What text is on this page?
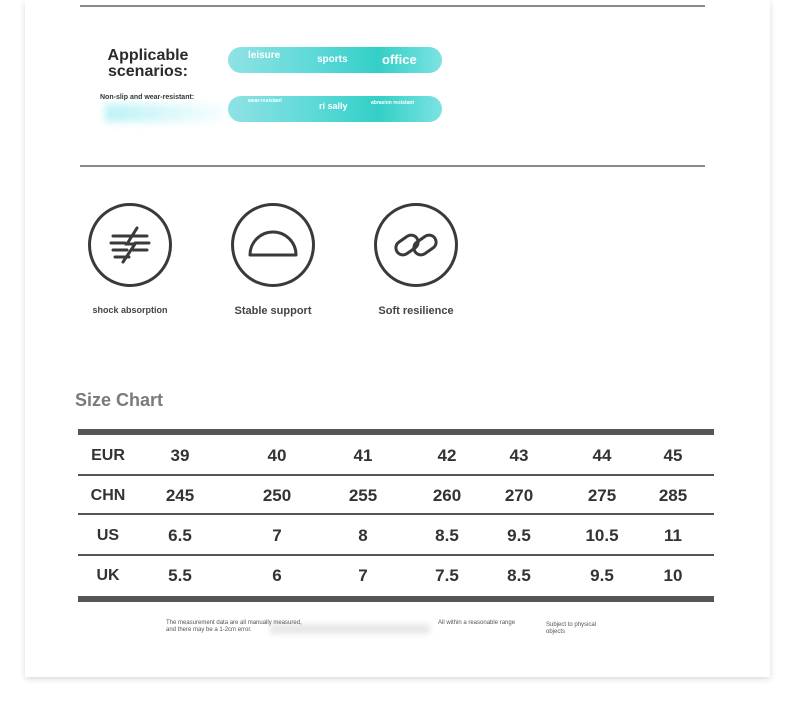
Applicable
scenarios:
leisure	sports	office
Non-slip and wear-resistant:	wear-resistant	ri sally	abrasion resistant
shock absorption	Stable support	Soft resilience
Size Chart
EUR	39	40	41	42	43	44	45
CHN	245	250	255	260	270	275	285
US	6.5	7	8	8.5	9.5	10.5	11
UK	5.5	6	7	7.5	8.5	9.5	10
The measurement data are all manually measured,
and there may be a 1-2cm error.
All within a reasonable range	Subject to physical
objects
